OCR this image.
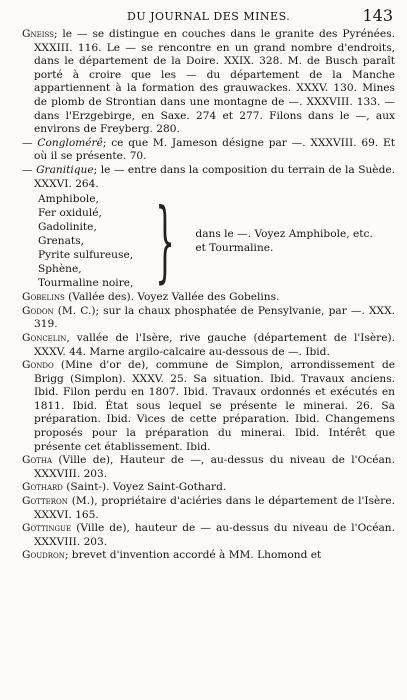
DU JOURNAL DES MINES.	143

Gneiss; le — se distingue en couches dans le granite des Pyrénées. XXXIII. 116. Le — se rencontre en un grand nombre d'endroits, dans le département de la Doire. XXIX. 328. M. de Busch paraît porté à croire que les — du département de la Manche appartiennent à la formation des grauwackes. XXXV. 130. Mines de plomb de Strontian dans une montagne de —. XXXVIII. 133. — dans l'Erzgebirge, en Saxe. 274 et 277. Filons dans le —, aux environs de Freyberg. 280.

— Conglomérê; ce que M. Jameson désigne par —. XXXVIII. 69. Et où il se présente. 70.

— Granitique; le — entre dans la composition du terrain de la Suède. XXXVI. 264.

Amphibole,
Fer oxidulé,
Gadolinite,
Grenats,
Pyrite sulfureuse,
Sphène,
Tourmaline noire, } dans le —. Voyez Amphibole, etc.
et Tourmaline.

Gobelins (Vallée des). Voyez Vallée des Gobelins.

Godon (M. C.); sur la chaux phosphatée de Pensylvanie, par —. XXX. 319.

Goncelin, vallée de l'Isère, rive gauche (département de l'Isère). XXXV. 44. Marne argilo-calcaire au-dessous de —. Ibid.

Gondo (Mine d'or de), commune de Simplon, arrondissement de Brigg (Simplon). XXXV. 25. Sa situation. Ibid. Travaux anciens. Ibid. Filon perdu en 1807. Ibid. Travaux ordonnés et exécutés en 1811. Ibid. État sous lequel se présente le minerai. 26. Sa préparation. Ibid. Vices de cette préparation. Ibid. Changemens proposés pour la préparation du minerai. Ibid. Intérêt que présente cet établissement. Ibid.

Gotha (Ville de), Hauteur de —, au-dessus du niveau de l'Océan. XXXVIII. 203.

Gothard (Saint-). Voyez Saint-Gothard.

Gotteron (M.), propriétaire d'aciéries dans le département de l'Isère. XXXVI. 165.

Gottingue (Ville de), hauteur de — au-dessus du niveau de l'Océan. XXXVIII. 203.

Goudron; brevet d'invention accordé à MM. Lhomond et
